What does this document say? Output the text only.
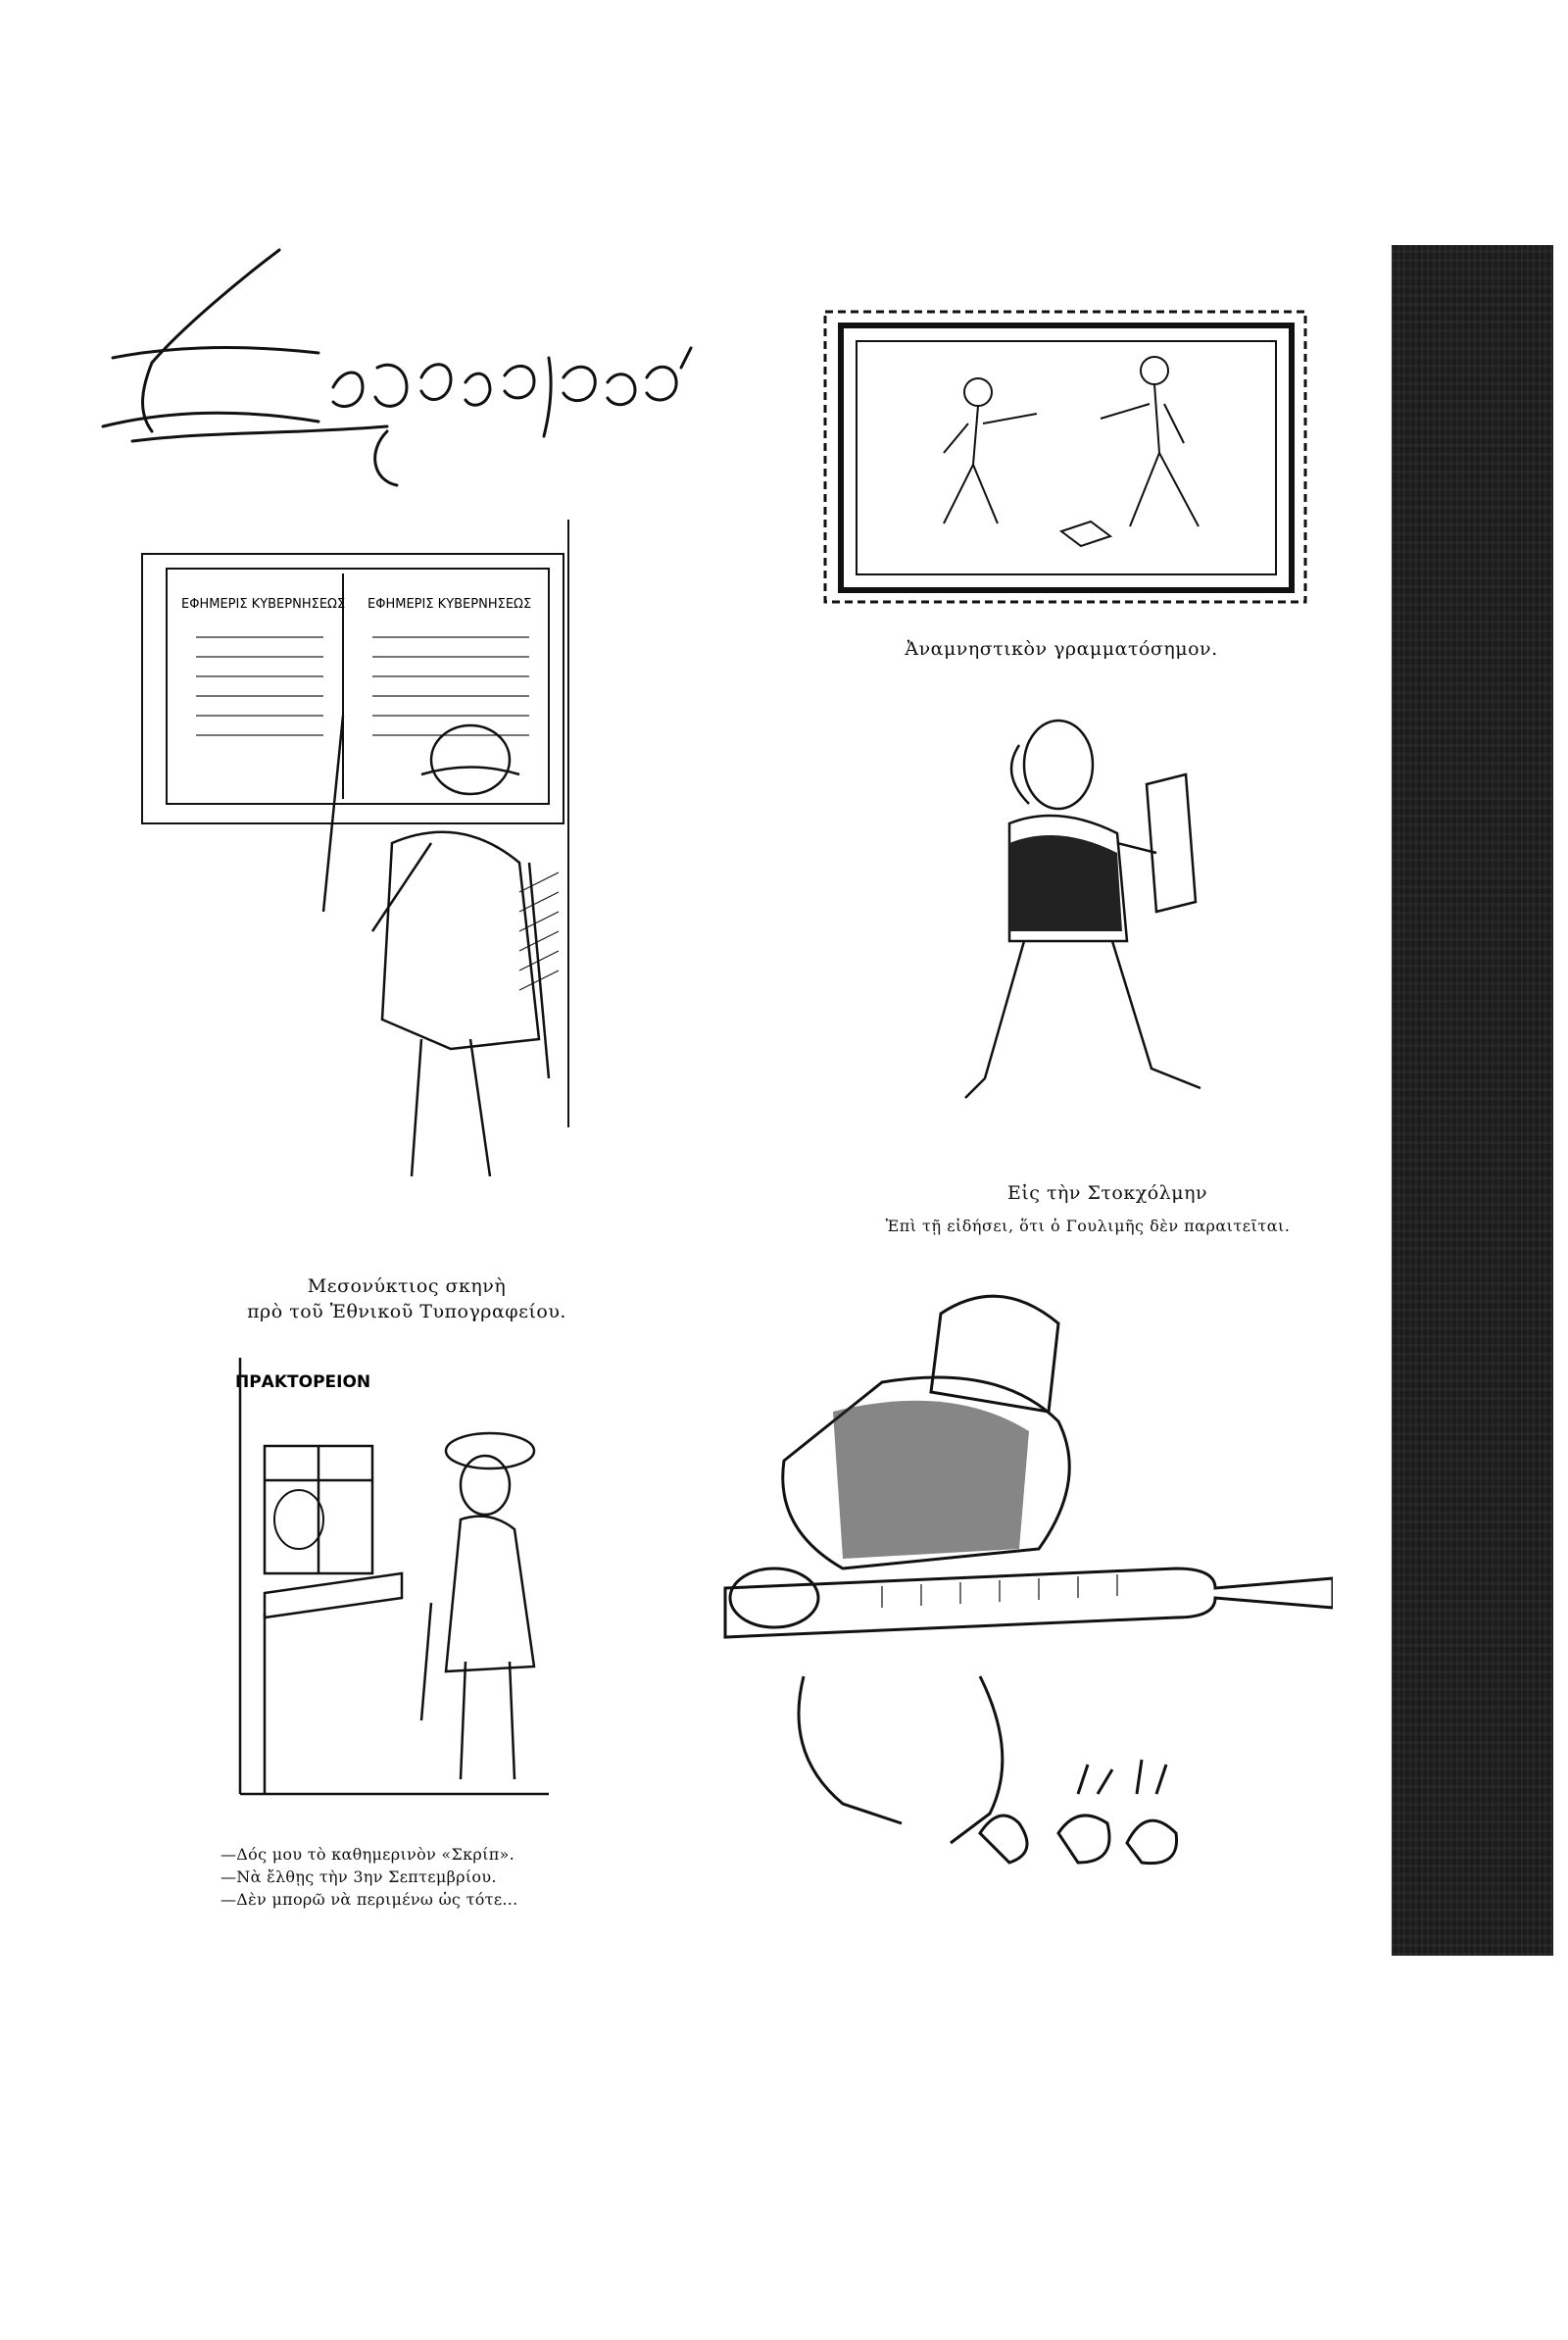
Ἀναμνηστικὸν γραμματόσημον.
ΕΦΗΜΕΡΙΣ ΚΥΒΕΡΝΗΣΕΩΣ ΕΦΗΜΕΡΙΣ ΚΥΒΕΡΝΗΣΕΩΣ
Μεσονύκτιος σκηνὴ
πρὸ τοῦ Ἐθνικοῦ Τυπογραφείου.
Εἰς τὴν Στοκχόλμην
Ἐπὶ τῇ εἰδήσει, ὅτι ὁ Γουλιμῆς δὲν παραιτεῖται.
ΠΡΑΚΤΟΡΕΙΟΝ
—Δός μου τὸ καθημερινὸν «Σκρίπ».
—Νὰ ἔλθῃς τὴν 3ην Σεπτεμβρίου.
—Δὲν μπορῶ νὰ περιμένω ὡς τότε...
